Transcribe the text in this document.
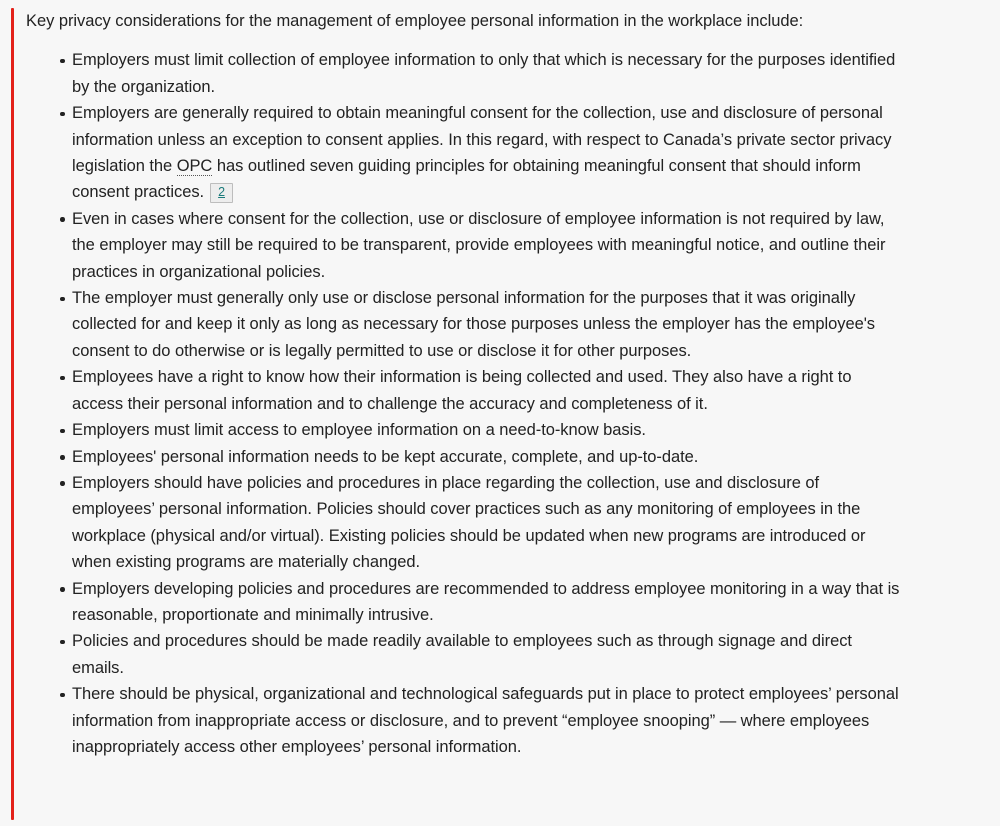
Key privacy considerations for the management of employee personal information in the workplace include:

Employers must limit collection of employee information to only that which is necessary for the purposes identified by the organization.
Employers are generally required to obtain meaningful consent for the collection, use and disclosure of personal information unless an exception to consent applies. In this regard, with respect to Canada’s private sector privacy legislation the OPC has outlined seven guiding principles for obtaining meaningful consent that should inform consent practices. 2
Even in cases where consent for the collection, use or disclosure of employee information is not required by law, the employer may still be required to be transparent, provide employees with meaningful notice, and outline their practices in organizational policies.
The employer must generally only use or disclose personal information for the purposes that it was originally collected for and keep it only as long as necessary for those purposes unless the employer has the employee's consent to do otherwise or is legally permitted to use or disclose it for other purposes.
Employees have a right to know how their information is being collected and used. They also have a right to access their personal information and to challenge the accuracy and completeness of it.
Employers must limit access to employee information on a need-to-know basis.
Employees' personal information needs to be kept accurate, complete, and up-to-date.
Employers should have policies and procedures in place regarding the collection, use and disclosure of employees’ personal information. Policies should cover practices such as any monitoring of employees in the workplace (physical and/or virtual). Existing policies should be updated when new programs are introduced or when existing programs are materially changed.
Employers developing policies and procedures are recommended to address employee monitoring in a way that is reasonable, proportionate and minimally intrusive.
Policies and procedures should be made readily available to employees such as through signage and direct emails.
There should be physical, organizational and technological safeguards put in place to protect employees’ personal information from inappropriate access or disclosure, and to prevent “employee snooping” — where employees inappropriately access other employees’ personal information.
